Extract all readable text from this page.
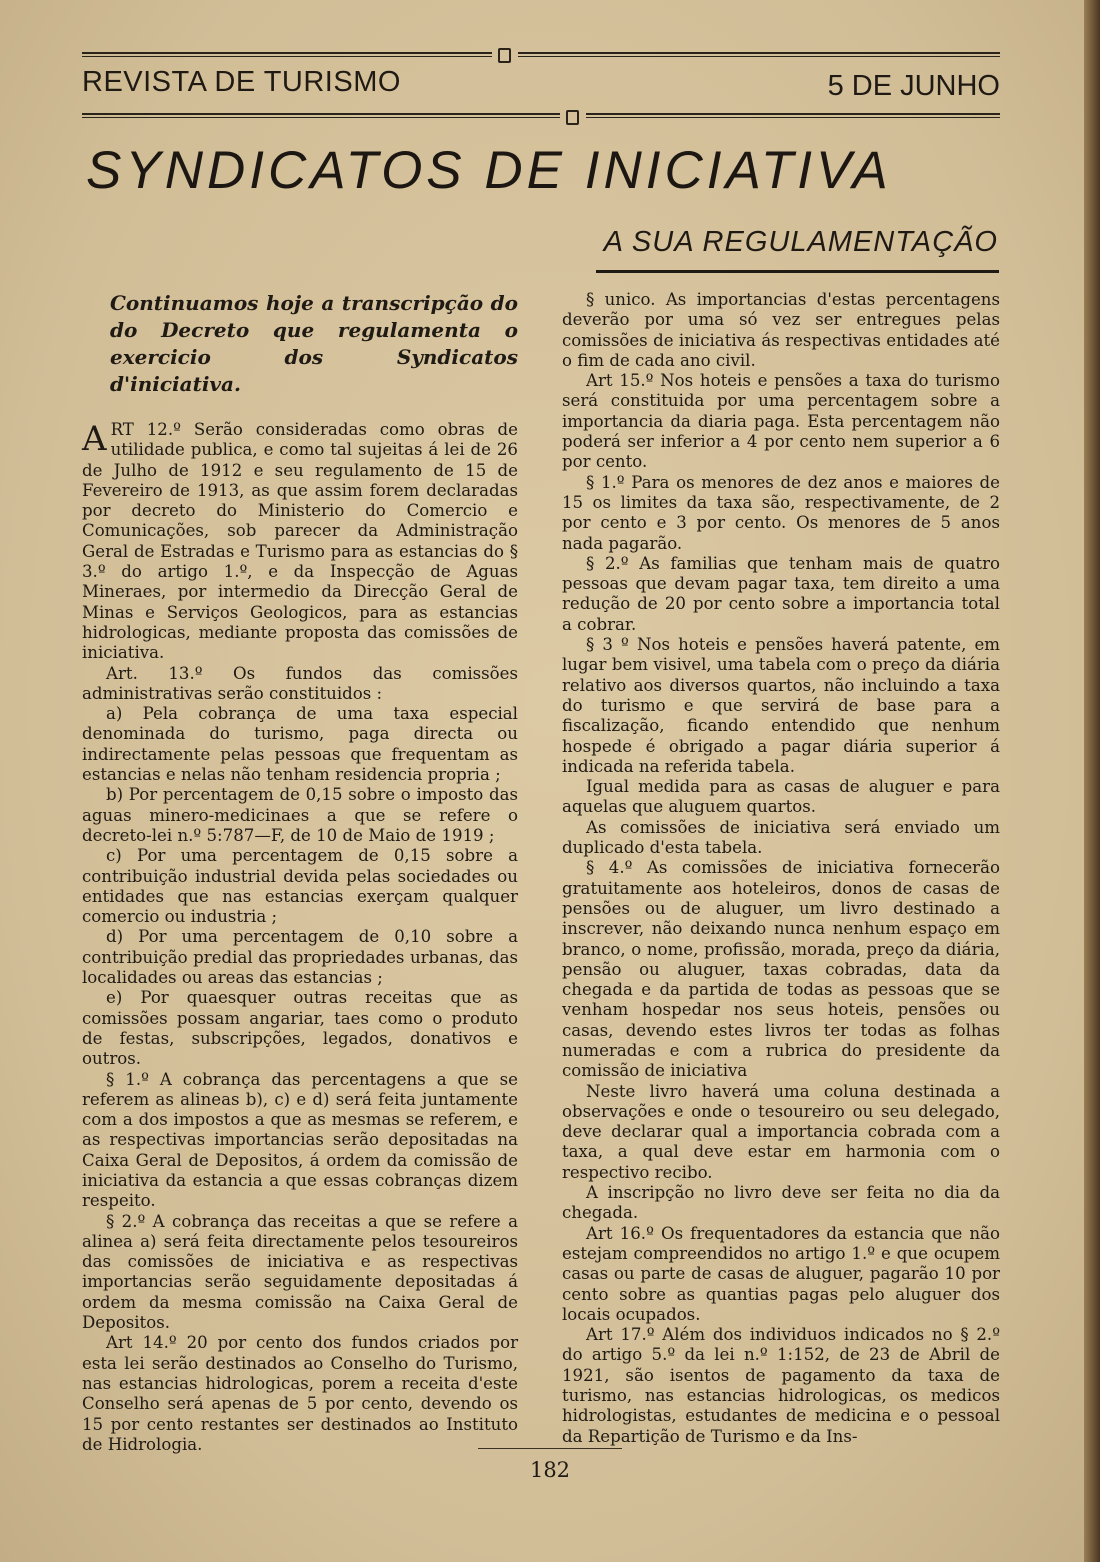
REVISTA DE TURISMO	5 DE JUNHO
SYNDICATOS DE INICIATIVA
A SUA REGULAMENTAÇÃO
Continuamos hoje a transcripção do do Decreto que regulamenta o exercicio dos Syndicatos d'iniciativa.

ART 12.º Serão consideradas como obras de utilidade publica, e como tal sujeitas á lei de 26 de Julho de 1912 e seu regulamento de 15 de Fevereiro de 1913, as que assim forem declaradas por decreto do Ministerio do Comercio e Comunicações, sob parecer da Administração Geral de Estradas e Turismo para as estancias do § 3.º do artigo 1.º, e da Inspecção de Aguas Mineraes, por intermedio da Direcção Geral de Minas e Serviços Geologicos, para as estancias hidrologicas, mediante proposta das comissões de iniciativa.

Art. 13.º Os fundos das comissões administrativas serão constituidos :

a) Pela cobrança de uma taxa especial denominada do turismo, paga directa ou indirectamente pelas pessoas que frequentam as estancias e nelas não tenham residencia propria ;

b) Por percentagem de 0,15 sobre o imposto das aguas minero-medicinaes a que se refere o decreto-lei n.º 5:787—F, de 10 de Maio de 1919 ;

c) Por uma percentagem de 0,15 sobre a contribuição industrial devida pelas sociedades ou entidades que nas estancias exerçam qualquer comercio ou industria ;

d) Por uma percentagem de 0,10 sobre a contribuição predial das propriedades urbanas, das localidades ou areas das estancias ;

e) Por quaesquer outras receitas que as comissões possam angariar, taes como o produto de festas, subscripções, legados, donativos e outros.

§ 1.º A cobrança das percentagens a que se referem as alineas b), c) e d) será feita juntamente com a dos impostos a que as mesmas se referem, e as respectivas importancias serão depositadas na Caixa Geral de Depositos, á ordem da comissão de iniciativa da estancia a que essas cobranças dizem respeito.

§ 2.º A cobrança das receitas a que se refere a alinea a) será feita directamente pelos tesoureiros das comissões de iniciativa e as respectivas importancias serão seguidamente depositadas á ordem da mesma comissão na Caixa Geral de Depositos.

Art 14.º 20 por cento dos fundos criados por esta lei serão destinados ao Conselho do Turismo, nas estancias hidrologicas, porem a receita d'este Conselho será apenas de 5 por cento, devendo os 15 por cento restantes ser destinados ao Instituto de Hidrologia.

§ unico. As importancias d'estas percentagens deverão por uma só vez ser entregues pelas comissões de iniciativa ás respectivas entidades até o fim de cada ano civil.

Art 15.º Nos hoteis e pensões a taxa do turismo será constituida por uma percentagem sobre a importancia da diaria paga. Esta percentagem não poderá ser inferior a 4 por cento nem superior a 6 por cento.

§ 1.º Para os menores de dez anos e maiores de 15 os limites da taxa são, respectivamente, de 2 por cento e 3 por cento. Os menores de 5 anos nada pagarão.

§ 2.º As familias que tenham mais de quatro pessoas que devam pagar taxa, tem direito a uma redução de 20 por cento sobre a importancia total a cobrar.

§ 3 º Nos hoteis e pensões haverá patente, em lugar bem visivel, uma tabela com o preço da diária relativo aos diversos quartos, não incluindo a taxa do turismo e que servirá de base para a fiscalização, ficando entendido que nenhum hospede é obrigado a pagar diária superior á indicada na referida tabela.

Igual medida para as casas de aluguer e para aquelas que aluguem quartos.

As comissões de iniciativa será enviado um duplicado d'esta tabela.

§ 4.º As comissões de iniciativa fornecerão gratuitamente aos hoteleiros, donos de casas de pensões ou de aluguer, um livro destinado a inscrever, não deixando nunca nenhum espaço em branco, o nome, profissão, morada, preço da diária, pensão ou aluguer, taxas cobradas, data da chegada e da partida de todas as pessoas que se venham hospedar nos seus hoteis, pensões ou casas, devendo estes livros ter todas as folhas numeradas e com a rubrica do presidente da comissão de iniciativa

Neste livro haverá uma coluna destinada a observações e onde o tesoureiro ou seu delegado, deve declarar qual a importancia cobrada com a taxa, a qual deve estar em harmonia com o respectivo recibo.

A inscripção no livro deve ser feita no dia da chegada.

Art 16.º Os frequentadores da estancia que não estejam compreendidos no artigo 1.º e que ocupem casas ou parte de casas de aluguer, pagarão 10 por cento sobre as quantias pagas pelo aluguer dos locais ocupados.

Art 17.º Além dos individuos indicados no § 2.º do artigo 5.º da lei n.º 1:152, de 23 de Abril de 1921, são isentos de pagamento da taxa de turismo, nas estancias hidrologicas, os medicos hidrologistas, estudantes de medicina e o pessoal da Repartição de Turismo e da Ins-

182
